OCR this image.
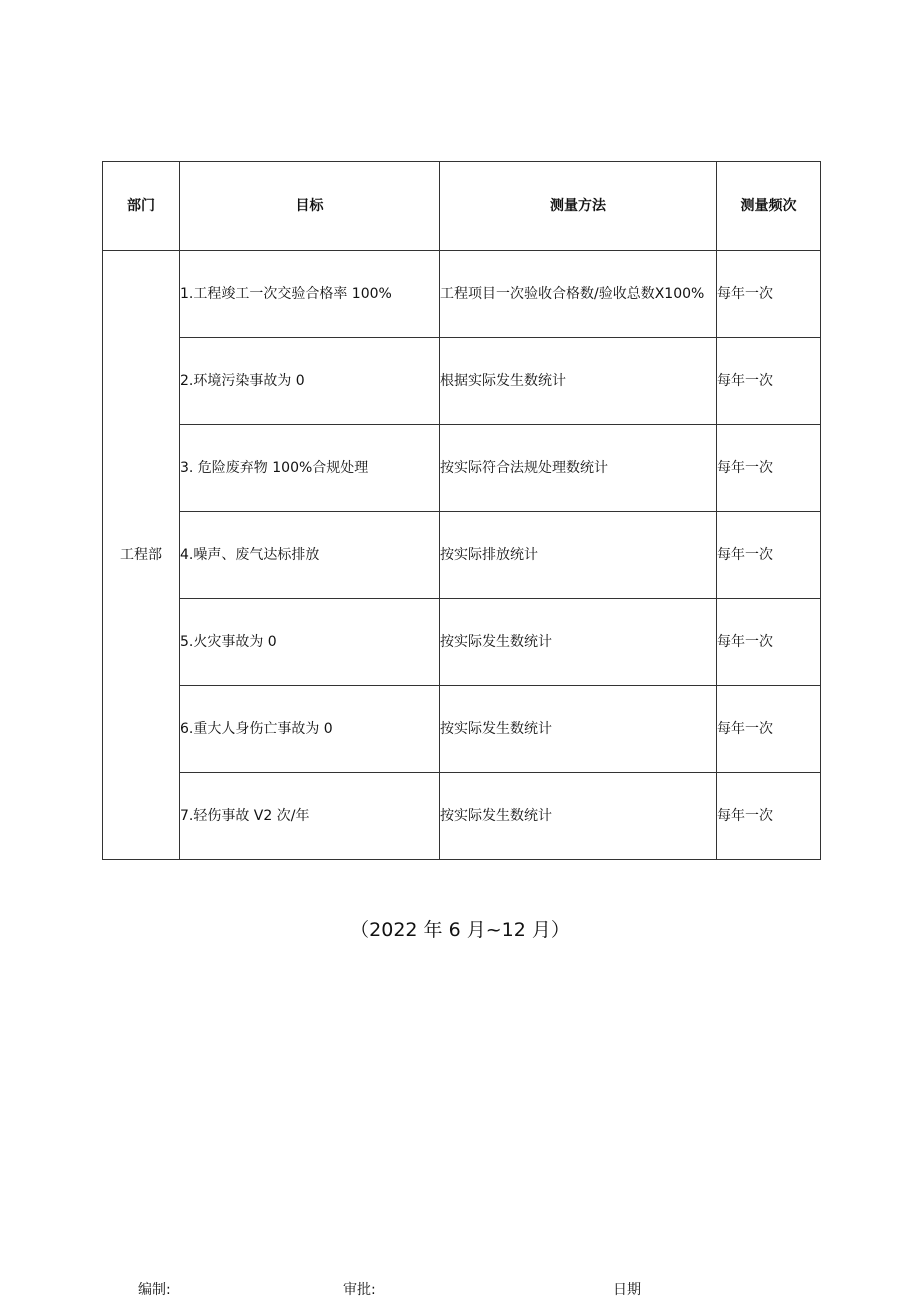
部门	目标	测量方法	测量频次
工程部	1.工程竣工一次交验合格率 100%	工程项目一次验收合格数/验收总数X100%	每年一次
	2.环境污染事故为 0	根据实际发生数统计	每年一次
	3. 危险废弃物 100%合规处理	按实际符合法规处理数统计	每年一次
	4.噪声、废气达标排放	按实际排放统计	每年一次
	5.火灾事故为 0	按实际发生数统计	每年一次
	6.重大人身伤亡事故为 0	按实际发生数统计	每年一次
	7.轻伤事故 V2 次/年	按实际发生数统计	每年一次
（2022 年 6 月~12 月）
编制:	审批:	日期
